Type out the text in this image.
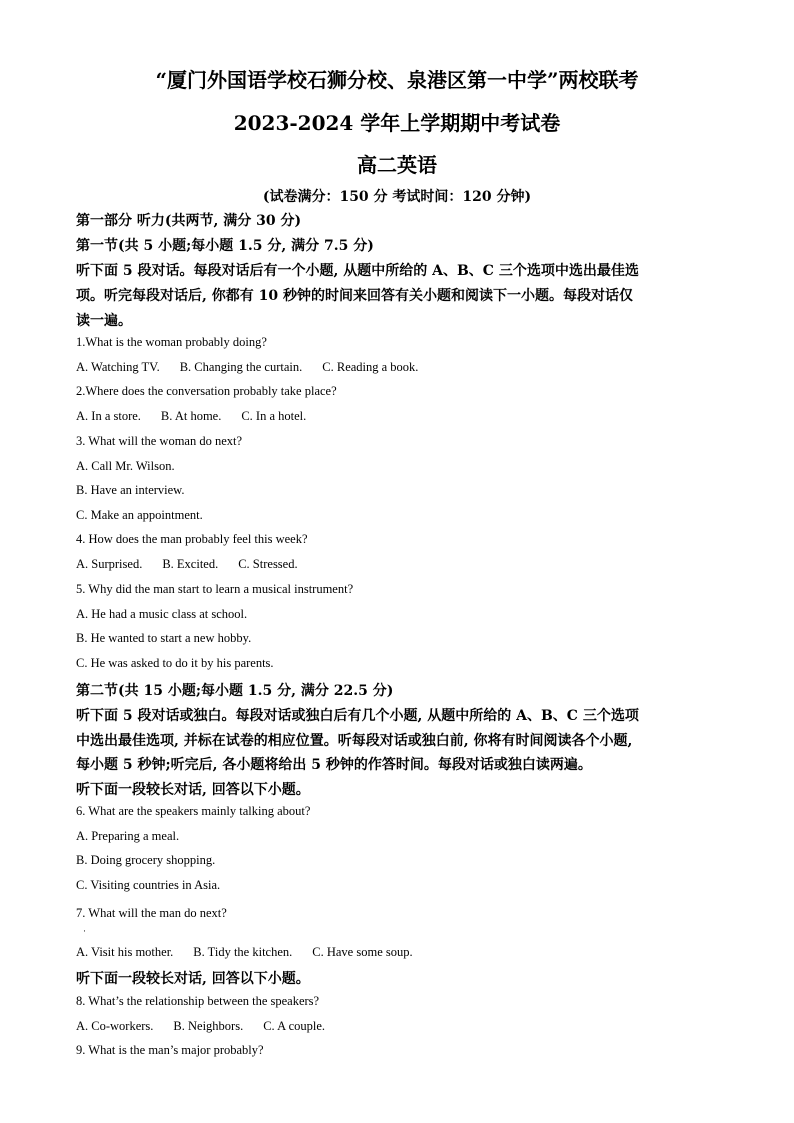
“厦门外国语学校石狮分校、泉港区第一中学”两校联考
2023-2024 学年上学期期中考试卷
高二英语
(试卷满分：150 分 考试时间：120 分钟)
第一部分 听力(共两节, 满分 30 分)
第一节(共 5 小题;每小题 1.5 分, 满分 7.5 分)
听下面 5 段对话。每段对话后有一个小题, 从题中所给的 A、B、C 三个选项中选出最佳选
项。听完每段对话后, 你都有 10 秒钟的时间来回答有关小题和阅读下一小题。每段对话仅
读一遍。
1.What is the woman probably doing?
A. Watching TV. B. Changing the curtain. C. Reading a book.
2.Where does the conversation probably take place?
A. In a store. B. At home. C. In a hotel.
3. What will the woman do next?
A. Call Mr. Wilson.
B. Have an interview.
C. Make an appointment.
4. How does the man probably feel this week?
A. Surprised. B. Excited. C. Stressed.
5. Why did the man start to learn a musical instrument?
A. He had a music class at school.
B. He wanted to start a new hobby.
C. He was asked to do it by his parents.
第二节(共 15 小题;每小题 1.5 分, 满分 22.5 分)
听下面 5 段对话或独白。每段对话或独白后有几个小题, 从题中所给的 A、B、C 三个选项
中选出最佳选项, 并标在试卷的相应位置。听每段对话或独白前, 你将有时间阅读各个小题,
每小题 5 秒钟;听完后, 各小题将给出 5 秒钟的作答时间。每段对话或独白读两遍。
听下面一段较长对话, 回答以下小题。
6. What are the speakers mainly talking about?
A. Preparing a meal.
B. Doing grocery shopping.
C. Visiting countries in Asia.
7. What will the man do next?
·
A. Visit his mother. B. Tidy the kitchen. C. Have some soup.
听下面一段较长对话, 回答以下小题。
8. What’s the relationship between the speakers?
A. Co-workers. B. Neighbors. C. A couple.
9. What is the man’s major probably?
